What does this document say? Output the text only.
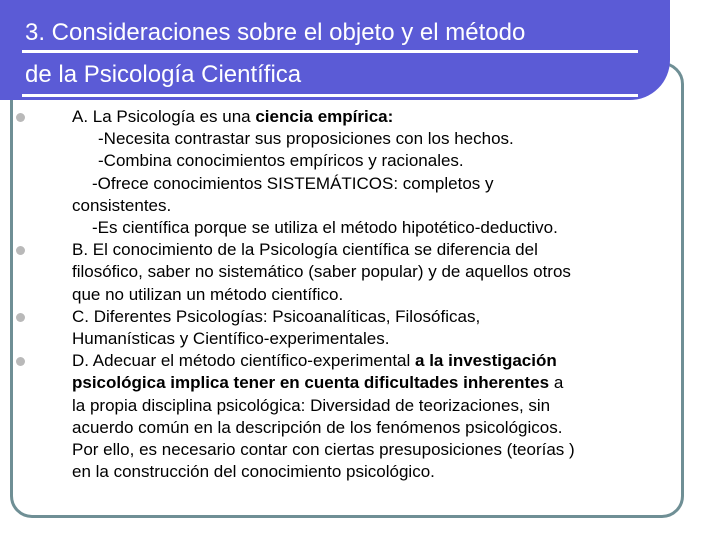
3. Consideraciones sobre el objeto y el método
de la Psicología Científica
A. La Psicología es una ciencia empírica:
-Necesita contrastar sus proposiciones con los hechos.
-Combina conocimientos empíricos y racionales.
-Ofrece conocimientos SISTEMÁTICOS: completos y
consistentes.
-Es científica porque se utiliza el método hipotético-deductivo.
B. El conocimiento de la Psicología científica se diferencia del
filosófico, saber no sistemático (saber popular) y de aquellos otros
que no utilizan un método científico.
C. Diferentes Psicologías: Psicoanalíticas, Filosóficas,
Humanísticas y Científico-experimentales.
D. Adecuar el método científico-experimental a la investigación
psicológica implica tener en cuenta dificultades inherentes a
la propia disciplina psicológica: Diversidad de teorizaciones, sin
acuerdo común en la descripción de los fenómenos psicológicos.
Por ello, es necesario contar con ciertas presuposiciones (teorías )
en la construcción del conocimiento psicológico.
